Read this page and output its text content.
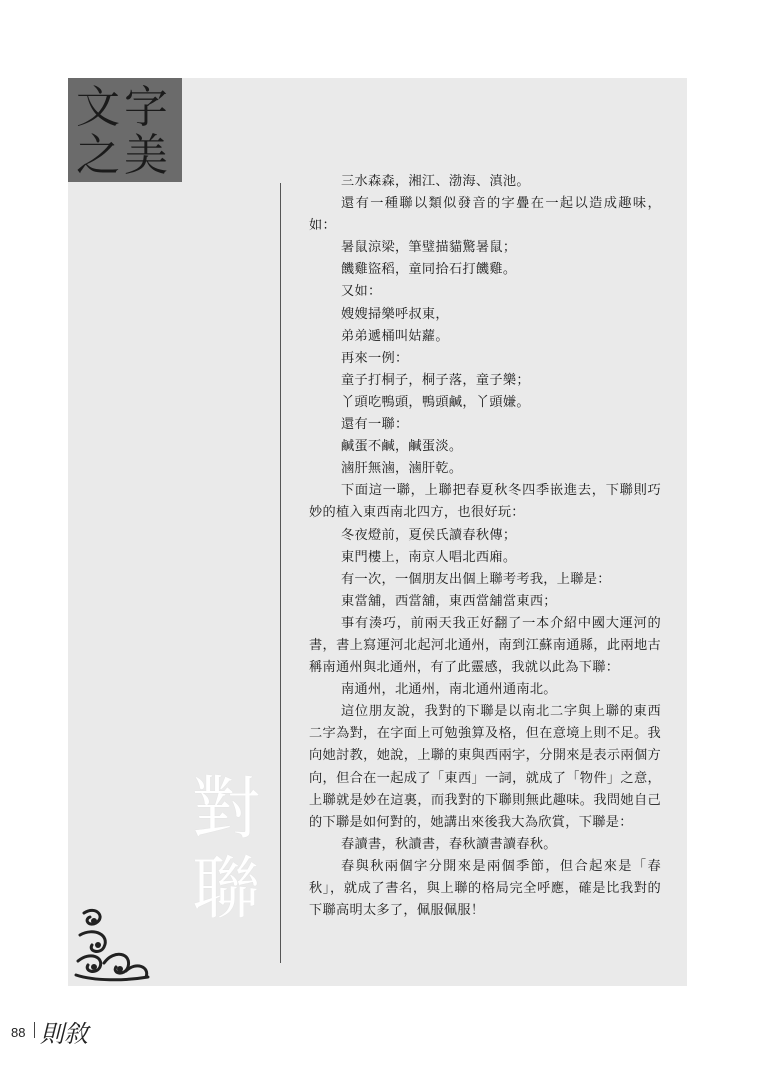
文 字
之 美
對
聯

三水森森，湘江、渤海、滇池。

還有一種聯以類似發音的字疊在一起以造成趣味，如：

暑鼠涼梁，筆璧描貓驚暑鼠；

饑雞盜稻，童同拾石打饑雞。

又如：

嫂嫂掃樂呼叔東，

弟弟遞桶叫姑蘿。

再來一例：

童子打桐子，桐子落，童子樂；

丫頭吃鴨頭，鴨頭鹹，丫頭嫌。

還有一聯：

鹹蛋不鹹，鹹蛋淡。

滷肝無滷，滷肝乾。

下面這一聯，上聯把春夏秋冬四季嵌進去，下聯則巧妙的植入東西南北四方，也很好玩：

冬夜燈前，夏侯氏讀春秋傳；

東門樓上，南京人唱北西廂。

有一次，一個朋友出個上聯考考我，上聯是：

東當舖，西當舖，東西當舖當東西；

事有湊巧，前兩天我正好翻了一本介紹中國大運河的書，書上寫運河北起河北通州，南到江蘇南通縣，此兩地古稱南通州與北通州，有了此靈感，我就以此為下聯：

南通州，北通州，南北通州通南北。

這位朋友說，我對的下聯是以南北二字與上聯的東西二字為對，在字面上可勉強算及格，但在意境上則不足。我向她討教，她說，上聯的東與西兩字，分開來是表示兩個方向，但合在一起成了「東西」一詞，就成了「物件」之意，上聯就是妙在這裏，而我對的下聯則無此趣味。我問她自己的下聯是如何對的，她講出來後我大為欣賞，下聯是：

春讀書，秋讀書，春秋讀書讀春秋。

春與秋兩個字分開來是兩個季節，但合起來是「春秋」，就成了書名，與上聯的格局完全呼應，確是比我對的下聯高明太多了，佩服佩服！

88 則敘
